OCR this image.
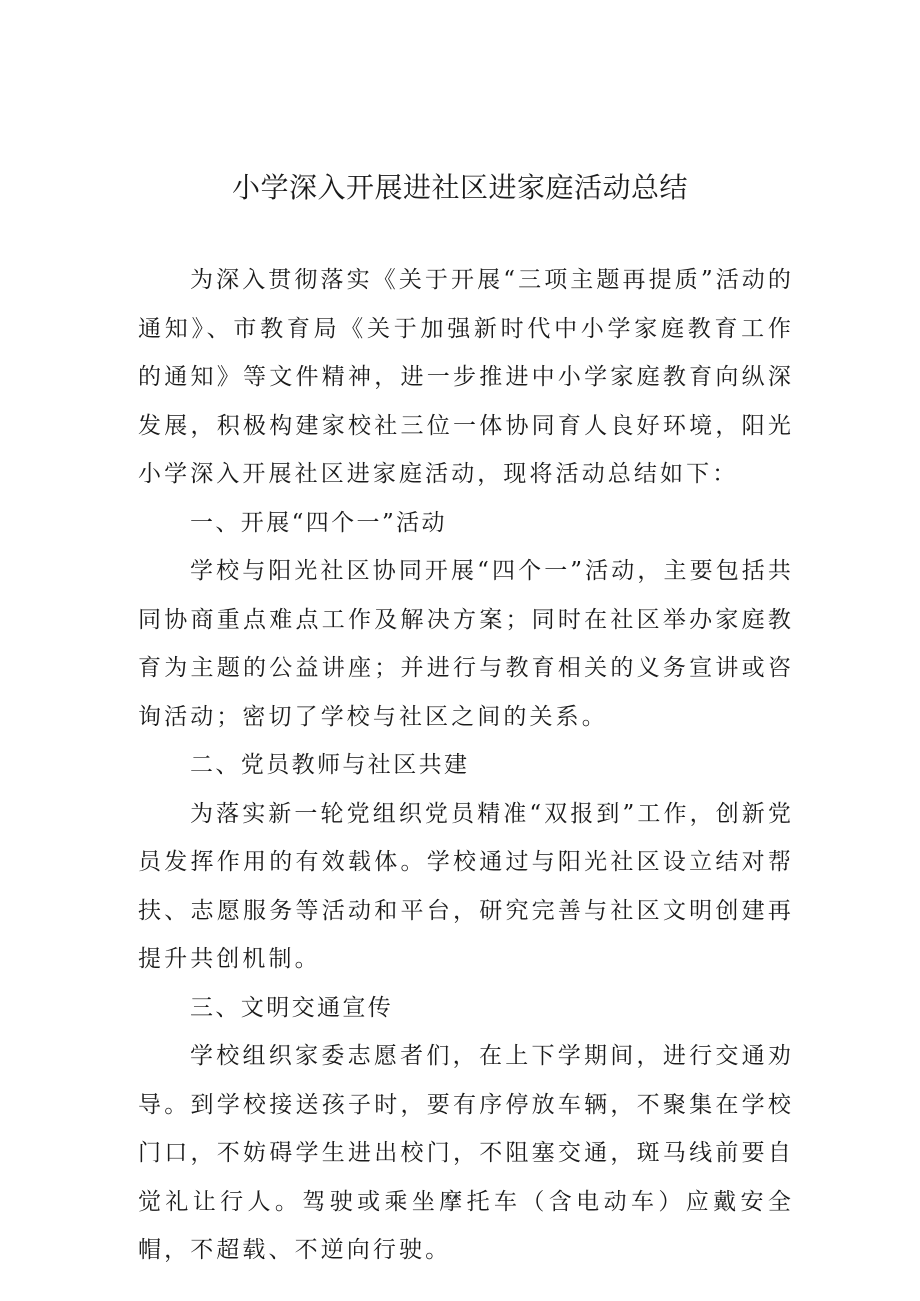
小学深入开展进社区进家庭活动总结

为深入贯彻落实《关于开展“三项主题再提质”活动的通知》、市教育局《关于加强新时代中小学家庭教育工作的通知》等文件精神，进一步推进中小学家庭教育向纵深发展，积极构建家校社三位一体协同育人良好环境，阳光小学深入开展社区进家庭活动，现将活动总结如下：

一、开展“四个一”活动

学校与阳光社区协同开展“四个一”活动，主要包括共同协商重点难点工作及解决方案；同时在社区举办家庭教育为主题的公益讲座；并进行与教育相关的义务宣讲或咨询活动；密切了学校与社区之间的关系。

二、党员教师与社区共建

为落实新一轮党组织党员精准“双报到”工作，创新党员发挥作用的有效载体。学校通过与阳光社区设立结对帮扶、志愿服务等活动和平台，研究完善与社区文明创建再提升共创机制。

三、文明交通宣传

学校组织家委志愿者们，在上下学期间，进行交通劝导。到学校接送孩子时，要有序停放车辆，不聚集在学校门口，不妨碍学生进出校门，不阻塞交通，斑马线前要自觉礼让行人。驾驶或乘坐摩托车（含电动车）应戴安全帽，不超载、不逆向行驶。
